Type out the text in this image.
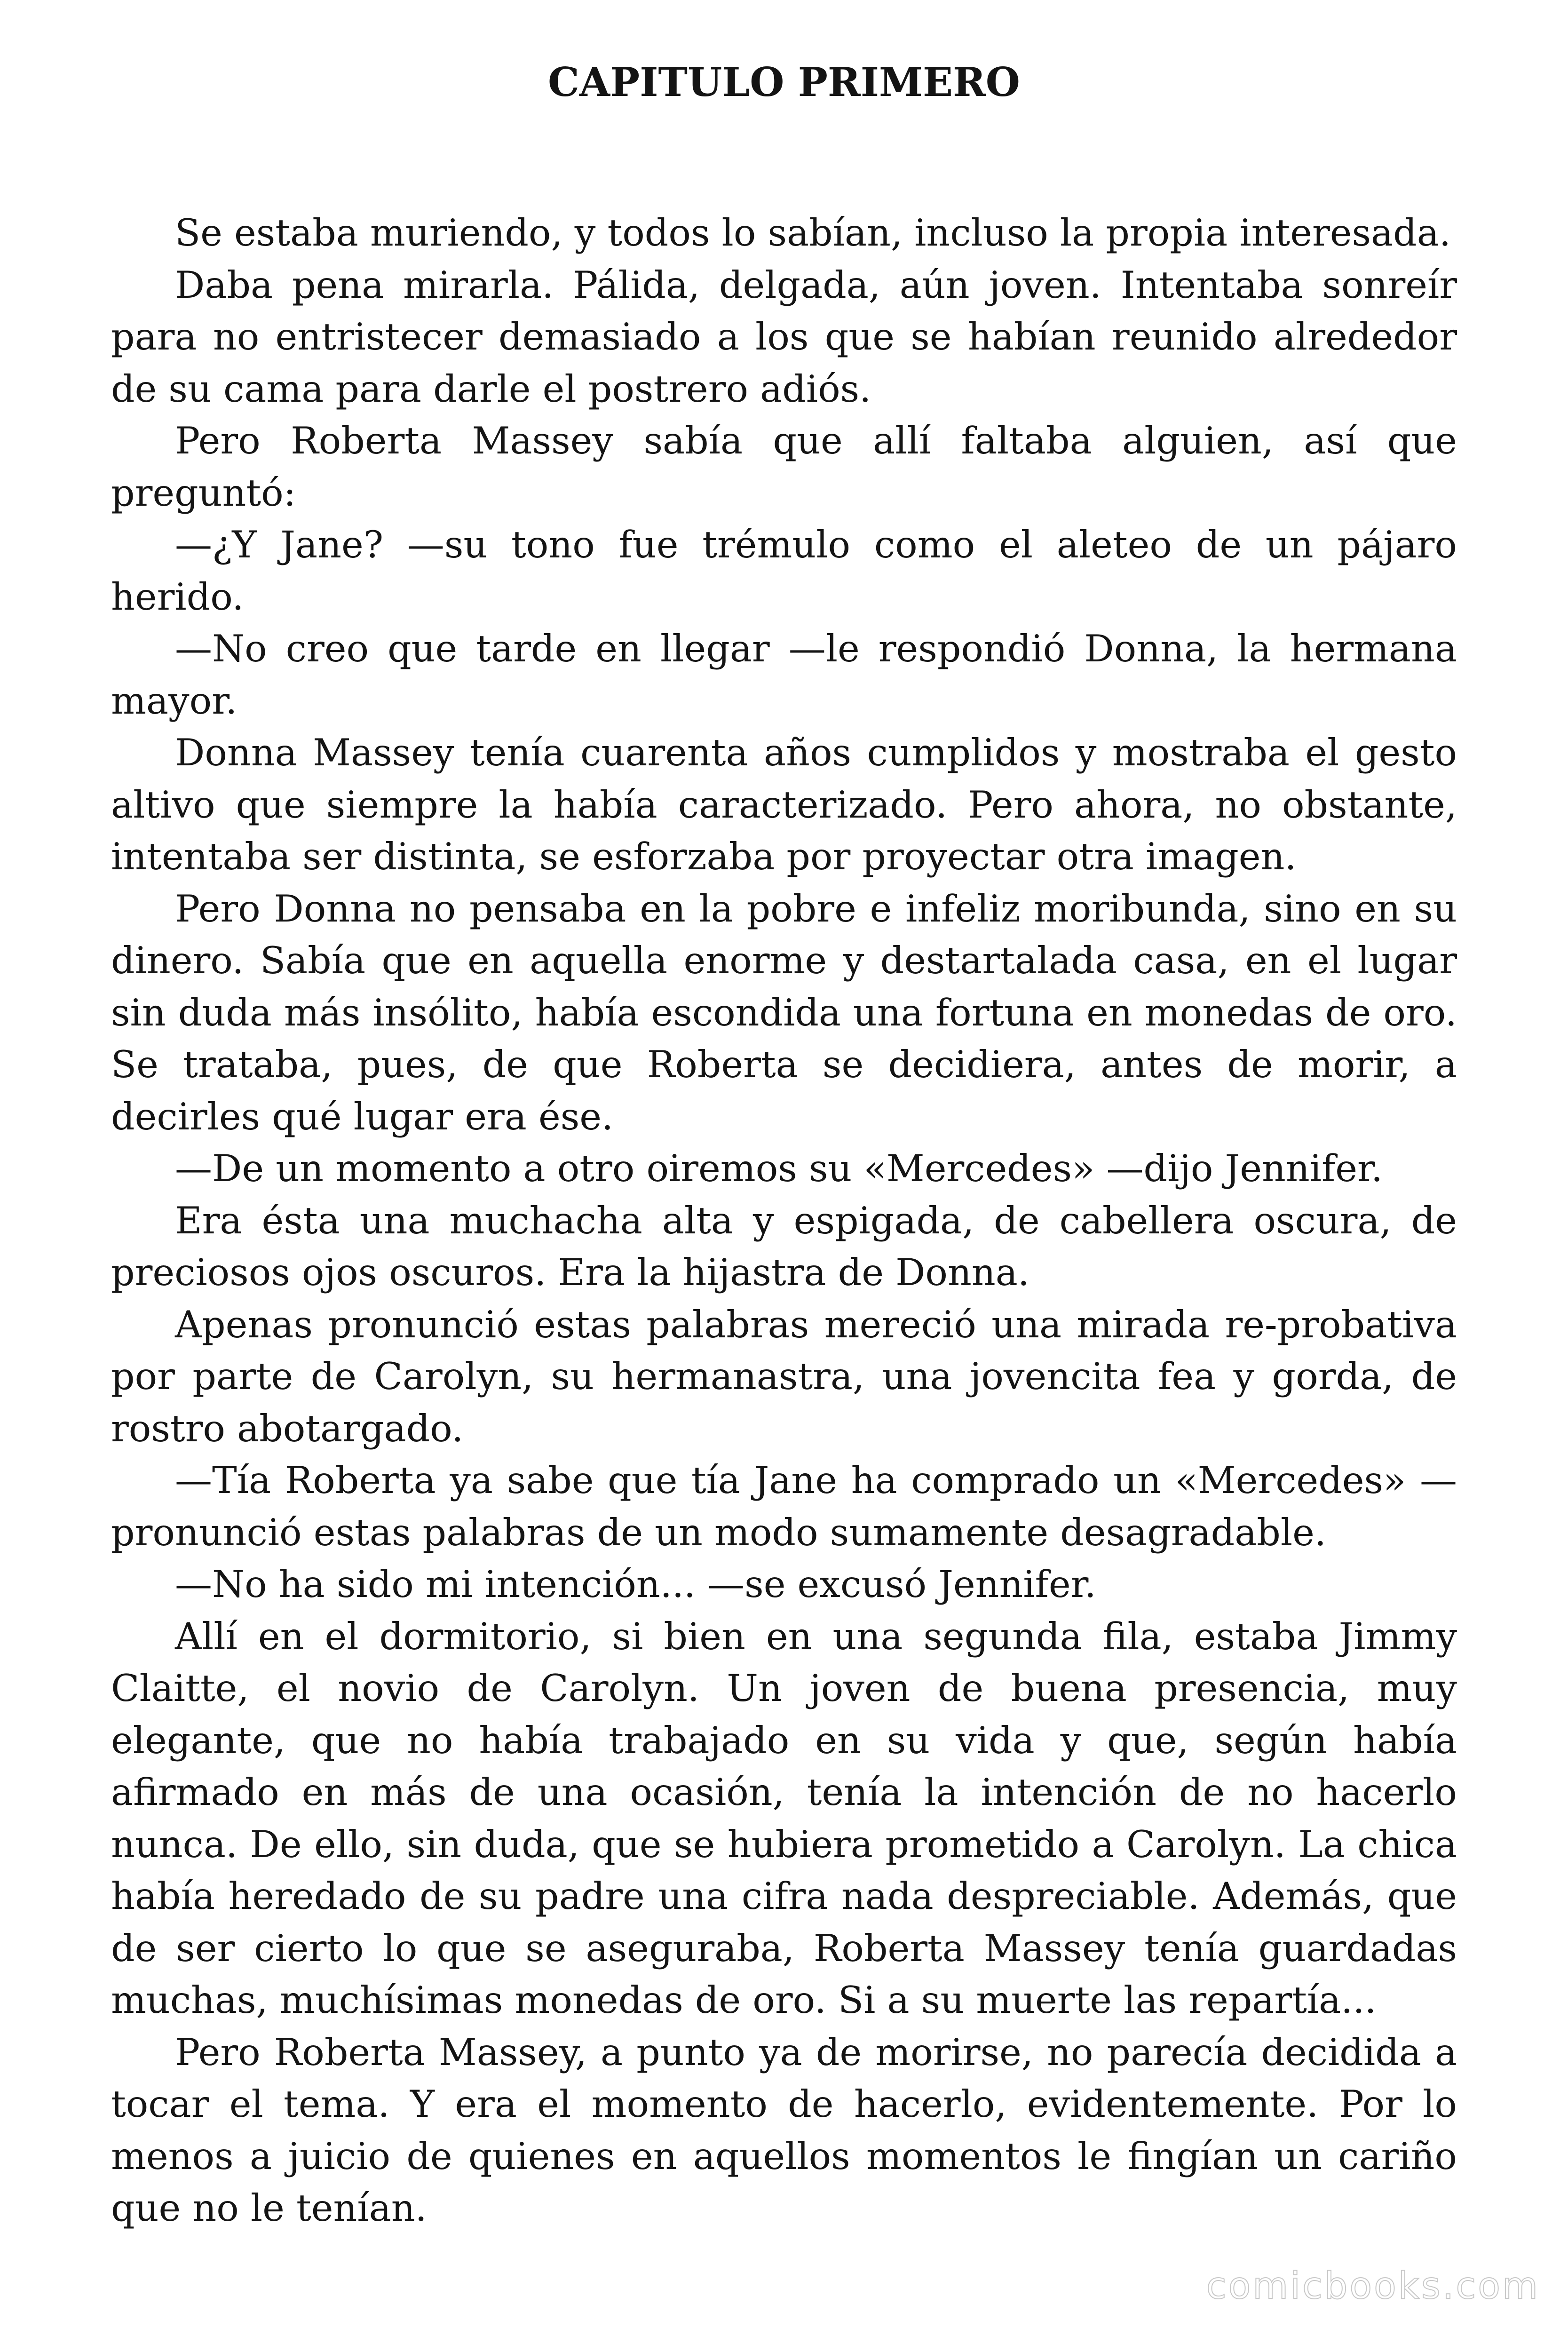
CAPITULO PRIMERO

Se estaba muriendo, y todos lo sabían, incluso la propia interesada.

Daba pena mirarla. Pálida, delgada, aún joven. Intentaba sonreír para no entristecer demasiado a los que se habían reunido alrededor de su cama para darle el postrero adiós.

Pero Roberta Massey sabía que allí faltaba alguien, así que preguntó:

—¿Y Jane? —su tono fue trémulo como el aleteo de un pájaro herido.

—No creo que tarde en llegar —le respondió Donna, la hermana mayor.

Donna Massey tenía cuarenta años cumplidos y mostraba el gesto altivo que siempre la había caracterizado. Pero ahora, no obstante, intentaba ser distinta, se esforzaba por proyectar otra imagen.

Pero Donna no pensaba en la pobre e infeliz moribunda, sino en su dinero. Sabía que en aquella enorme y destartalada casa, en el lugar sin duda más insólito, había escondida una fortuna en monedas de oro. Se trataba, pues, de que Roberta se decidiera, antes de morir, a decirles qué lugar era ése.

—De un momento a otro oiremos su «Mercedes» —dijo Jennifer.

Era ésta una muchacha alta y espigada, de cabellera oscura, de preciosos ojos oscuros. Era la hijastra de Donna.

Apenas pronunció estas palabras mereció una mirada re-probativa por parte de Carolyn, su hermanastra, una jovencita fea y gorda, de rostro abotargado.

—Tía Roberta ya sabe que tía Jane ha comprado un «Mercedes» — pronunció estas palabras de un modo sumamente desagradable.

—No ha sido mi intención... —se excusó Jennifer.

Allí en el dormitorio, si bien en una segunda fila, estaba Jimmy Claitte, el novio de Carolyn. Un joven de buena presencia, muy elegante, que no había trabajado en su vida y que, según había afirmado en más de una ocasión, tenía la intención de no hacerlo nunca. De ello, sin duda, que se hubiera prometido a Carolyn. La chica había heredado de su padre una cifra nada despreciable. Además, que de ser cierto lo que se aseguraba, Roberta Massey tenía guardadas muchas, muchísimas monedas de oro. Si a su muerte las repartía...

Pero Roberta Massey, a punto ya de morirse, no parecía decidida a tocar el tema. Y era el momento de hacerlo, evidentemente. Por lo menos a juicio de quienes en aquellos momentos le fingían un cariño que no le tenían.

comicbooks.com
